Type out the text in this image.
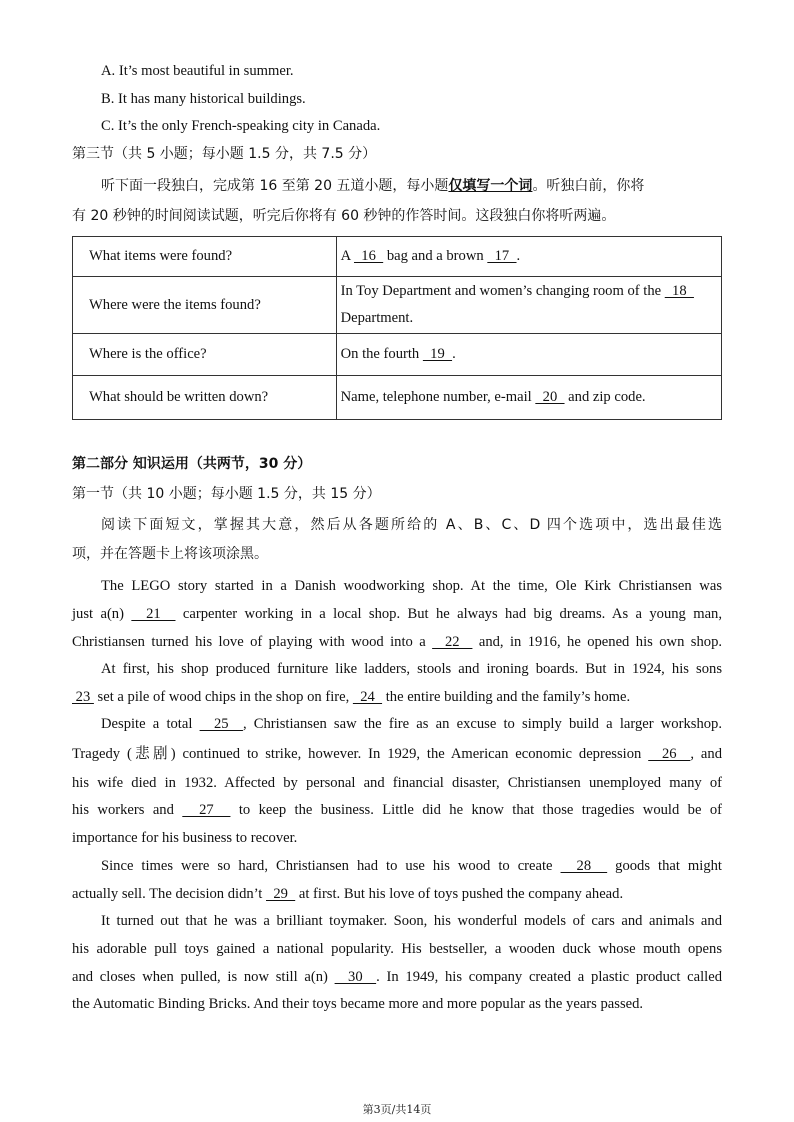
A. It’s most beautiful in summer.
B. It has many historical buildings.
C. It’s the only French-speaking city in Canada.
第三节（共 5 小题；每小题 1.5 分，共 7.5 分）
听下面一段独白，完成第 16 至第 20 五道小题，每小题仅填写一个词。听独白前，你将
有 20 秒钟的时间阅读试题，听完后你将有 60 秒钟的作答时间。这段独白你将听两遍。
What items were found?	A   16   bag and a brown   17  .
Where were the items found?	In Toy Department and women’s changing room of the   18
Department.
Where is the office?	On the fourth   19  .
What should be written down?	Name, telephone number, e-mail   20   and zip code.
第二部分 知识运用（共两节，30 分）
第一节（共 10 小题；每小题 1.5 分，共 15 分）
阅读下面短文，掌握其大意，然后从各题所给的 A、B、C、D 四个选项中，选出最佳选
项，并在答题卡上将该项涂黑。
The LEGO story started in a Danish woodworking shop. At the time, Ole Kirk Christiansen was
just a(n)   21   carpenter working in a local shop. But he always had big dreams. As a young man,
Christiansen turned his love of playing with wood into a   22   and, in 1916, he opened his own shop.
At first, his shop produced furniture like ladders, stools and ironing boards. But in 1924, his sons
23  set a pile of wood chips in the shop on fire,   24   the entire building and the family’s home.
Despite a total   25  , Christiansen saw the fire as an excuse to simply build a larger workshop.
Tragedy (悲剧) continued to strike, however. In 1929, the American economic depression   26  , and
his wife died in 1932. Affected by personal and financial disaster, Christiansen unemployed many of
his workers and   27   to keep the business. Little did he know that those tragedies would be of
importance for his business to recover.
Since times were so hard, Christiansen had to use his wood to create   28   goods that might
actually sell. The decision didn’t   29   at first. But his love of toys pushed the company ahead.
It turned out that he was a brilliant toymaker. Soon, his wonderful models of cars and animals and
his adorable pull toys gained a national popularity. His bestseller, a wooden duck whose mouth opens
and closes when pulled, is now still a(n)   30  . In 1949, his company created a plastic product called
the Automatic Binding Bricks. And their toys became more and more popular as the years passed.
第3页/共14页
